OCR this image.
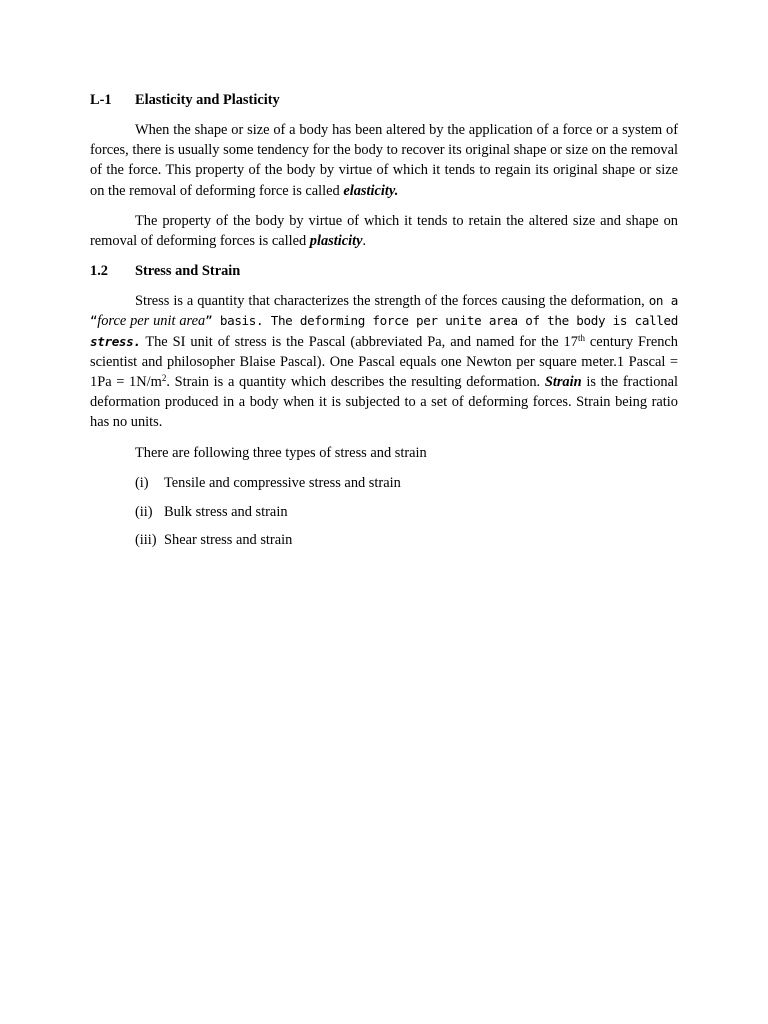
L-1 Elasticity and Plasticity

When the shape or size of a body has been altered by the application of a force or a system of forces, there is usually some tendency for the body to recover its original shape or size on the removal of the force. This property of the body by virtue of which it tends to regain its original shape or size on the removal of deforming force is called elasticity.

The property of the body by virtue of which it tends to retain the altered size and shape on removal of deforming forces is called plasticity.

1.2 Stress and Strain

Stress is a quantity that characterizes the strength of the forces causing the deformation, on a “force per unit area” basis. The deforming force per unite area of the body is called stress. The SI unit of stress is the Pascal (abbreviated Pa, and named for the 17th century French scientist and philosopher Blaise Pascal). One Pascal equals one Newton per square meter.1 Pascal = $1Pa = 1N/m^2$. Strain is a quantity which describes the resulting deformation. Strain is the fractional deformation produced in a body when it is subjected to a set of deforming forces. Strain being ratio has no units.

There are following three types of stress and strain

(i) Tensile and compressive stress and strain
(ii) Bulk stress and strain
(iii) Shear stress and strain
